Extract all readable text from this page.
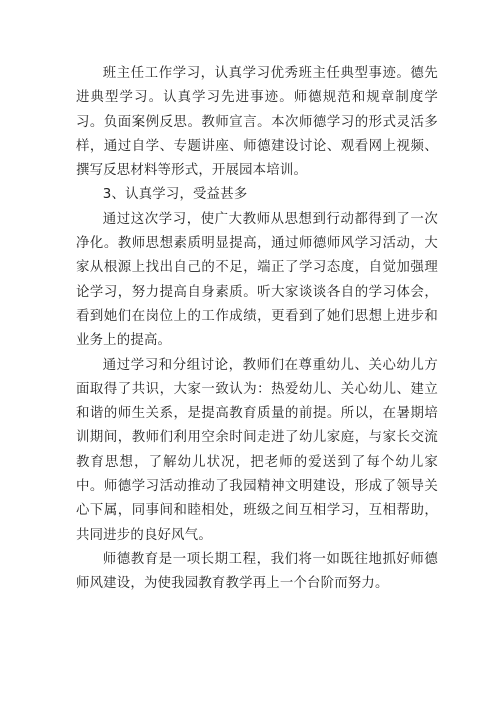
班主任工作学习，认真学习优秀班主任典型事迹。德先进典型学习。认真学习先进事迹。师德规范和规章制度学习。负面案例反思。教师宣言。本次师德学习的形式灵活多样，通过自学、专题讲座、师德建设讨论、观看网上视频、撰写反思材料等形式，开展园本培训。

3、认真学习，受益甚多

通过这次学习，使广大教师从思想到行动都得到了一次净化。教师思想素质明显提高，通过师德师风学习活动，大家从根源上找出自己的不足，端正了学习态度，自觉加强理论学习，努力提高自身素质。听大家谈谈各自的学习体会，看到她们在岗位上的工作成绩，更看到了她们思想上进步和业务上的提高。

通过学习和分组讨论，教师们在尊重幼儿、关心幼儿方面取得了共识，大家一致认为：热爱幼儿、关心幼儿、建立和谐的师生关系，是提高教育质量的前提。所以，在暑期培训期间，教师们利用空余时间走进了幼儿家庭，与家长交流教育思想，了解幼儿状况，把老师的爱送到了每个幼儿家中。师德学习活动推动了我园精神文明建设，形成了领导关心下属，同事间和睦相处，班级之间互相学习，互相帮助，共同进步的良好风气。

师德教育是一项长期工程，我们将一如既往地抓好师德师风建设，为使我园教育教学再上一个台阶而努力。
